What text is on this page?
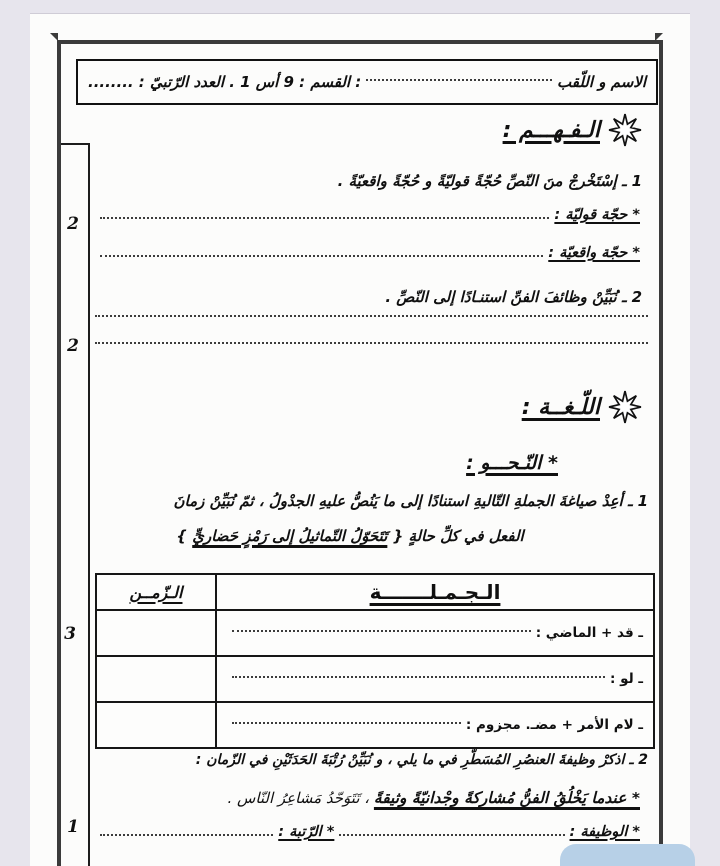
2
2
3
1
الاسم و اللّقب
: القسم : 9 أس 1 . العدد الرّتبيّ : ........
الـفـهـــم :
1 ـ إسْتَخْرجْ منَ النّصِّ حُجّةً قوليّةً و حُجّةً واقعيّةً .
* حجّة قوليّة :
* حجّة واقعيّة :
2 ـ نُبَيِّنْ وظائفَ الفنِّ استنـادًا إلى النّصِّ .
اللّـغــة :
* النّـحـــو :
1 ـ أعِدْ صياغةَ الجملةِ التّاليةِ استنادًا إلى ما يَنُصُّ عليهِ الجدْولُ ، ثمّ نُبَيِّنْ زمانَ
الفعل في كلِّ حالةٍ { تَتَحَوّلُ التّماثيلُ إلى رَمْزٍ حَضاريٍّ }
الـجـمـلـــــــة
الـزّمــن
ـ قد + الماضي :
ـ لو :
ـ لام الأمر + مضـ. مجزوم :
2 ـ اذكرْ وظيفةَ العنصُرِ المُسَطّرِ في ما يلي ، و نُبَيِّنْ رُتْبَةَ الحَدَثَيْنِ في الزّمان :
* عندما يَخْلُقُ الفنُّ مُشاركةً وجْدانيّةً وثيقةً ، تَتَوَحّدُ مَشاعِرُ النّاس .
* الوظيفة :
* الرّتبة :
